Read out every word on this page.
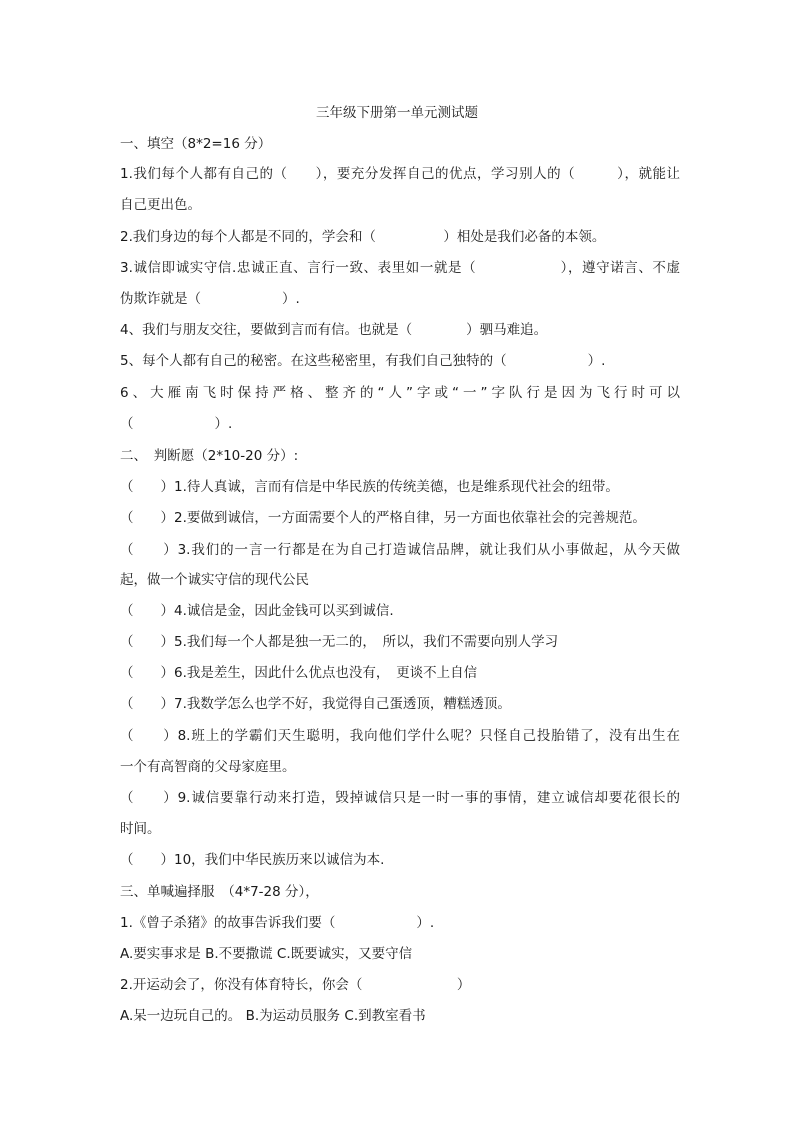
三年级下册第一单元测试题
一、填空（8*2=16 分）
1.我们每个人都有自己的（　　），要充分发挥自己的优点，学习别人的（　　　），就能让
自己更出色。
2.我们身边的每个人都是不同的，学会和（　　　　　）相处是我们必备的本领。
3.诚信即诚实守信.忠诚正直、言行一致、表里如一就是（　　　　　　），遵守诺言、不虚
伪欺诈就是（　　　　　　）.
4、我们与朋友交往，要做到言而有信。也就是（　　　　）驷马难追。
5、每个人都有自己的秘密。在这些秘密里，有我们自己独特的（　　　　　　）.
6、大雁南飞时保持严格、整齐的“人”字或“一”字队行是因为飞行时可以
（　　　　　　）.
二、　判断愿（2*10-20 分）:
（　　）1.待人真诚，言而有信是中华民族的传统美德，也是维系现代社会的纽带。
（　　）2.要做到诚信，一方面需要个人的严格自律，另一方面也依靠社会的完善规范。
（　　）3.我们的一言一行都是在为自己打造诚信品牌，就让我们从小事做起，从今天做
起，做一个诚实守信的现代公民
（　　）4.诚信是金，因此金钱可以买到诚信.
（　　）5.我们每一个人都是独一无二的，　所以，我们不需要向别人学习
（　　）6.我是差生，因此什么优点也没有，　更谈不上自信
（　　）7.我数学怎么也学不好，我觉得自己蛋透顶，糟糕透顶。
（　　）8.班上的学霸们天生聪明，我向他们学什么呢？只怪自己投胎错了，没有出生在
一个有高智商的父母家庭里。
（　　）9.诚信要靠行动来打造，毁掉诚信只是一时一事的事情，建立诚信却要花很长的
时间。
（　　）10，我们中华民族历来以诚信为本.
三、单喊遍择服　（4*7-28 分），
1.《曾子杀猪》的故事告诉我们要（　　　　　　）.
A.要实事求是 B.不要撒谎 C.既要诚实，又要守信
2.开运动会了，你没有体育特长，你会（　　　　　　　）
A.呆一边玩自己的。 B.为运动员服务 C.到教室看书
